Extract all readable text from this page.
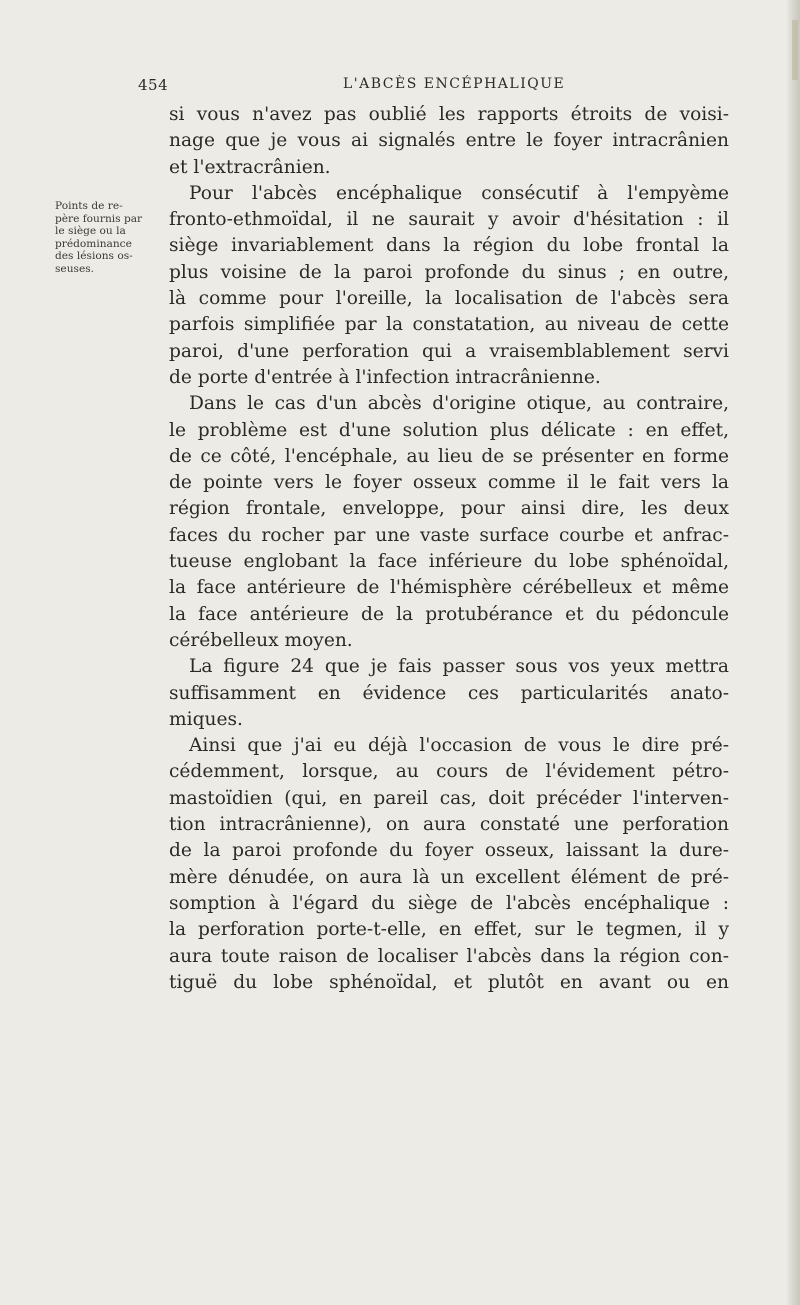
454	L'ABCÈS ENCÉPHALIQUE
Points de re-
père fournis par
le siège ou la
prédominance
des lésions os-
seuses.

si vous n'avez pas oublié les rapports étroits de voisi-
nage que je vous ai signalés entre le foyer intracrânien
et l'extracrânien.

Pour l'abcès encéphalique consécutif à l'empyème
fronto-ethmoïdal, il ne saurait y avoir d'hésitation : il
siège invariablement dans la région du lobe frontal la
plus voisine de la paroi profonde du sinus ; en outre,
là comme pour l'oreille, la localisation de l'abcès sera
parfois simplifiée par la constatation, au niveau de cette
paroi, d'une perforation qui a vraisemblablement servi
de porte d'entrée à l'infection intracrânienne.

Dans le cas d'un abcès d'origine otique, au contraire,
le problème est d'une solution plus délicate : en effet,
de ce côté, l'encéphale, au lieu de se présenter en forme
de pointe vers le foyer osseux comme il le fait vers la
région frontale, enveloppe, pour ainsi dire, les deux
faces du rocher par une vaste surface courbe et anfrac-
tueuse englobant la face inférieure du lobe sphénoïdal,
la face antérieure de l'hémisphère cérébelleux et même
la face antérieure de la protubérance et du pédoncule
cérébelleux moyen.

La figure 24 que je fais passer sous vos yeux mettra
suffisamment en évidence ces particularités anato-
miques.

Ainsi que j'ai eu déjà l'occasion de vous le dire pré-
cédemment, lorsque, au cours de l'évidement pétro-
mastoïdien (qui, en pareil cas, doit précéder l'interven-
tion intracrânienne), on aura constaté une perforation
de la paroi profonde du foyer osseux, laissant la dure-
mère dénudée, on aura là un excellent élément de pré-
somption à l'égard du siège de l'abcès encéphalique :
la perforation porte-t-elle, en effet, sur le tegmen, il y
aura toute raison de localiser l'abcès dans la région con-
tiguë du lobe sphénoïdal, et plutôt en avant ou en
